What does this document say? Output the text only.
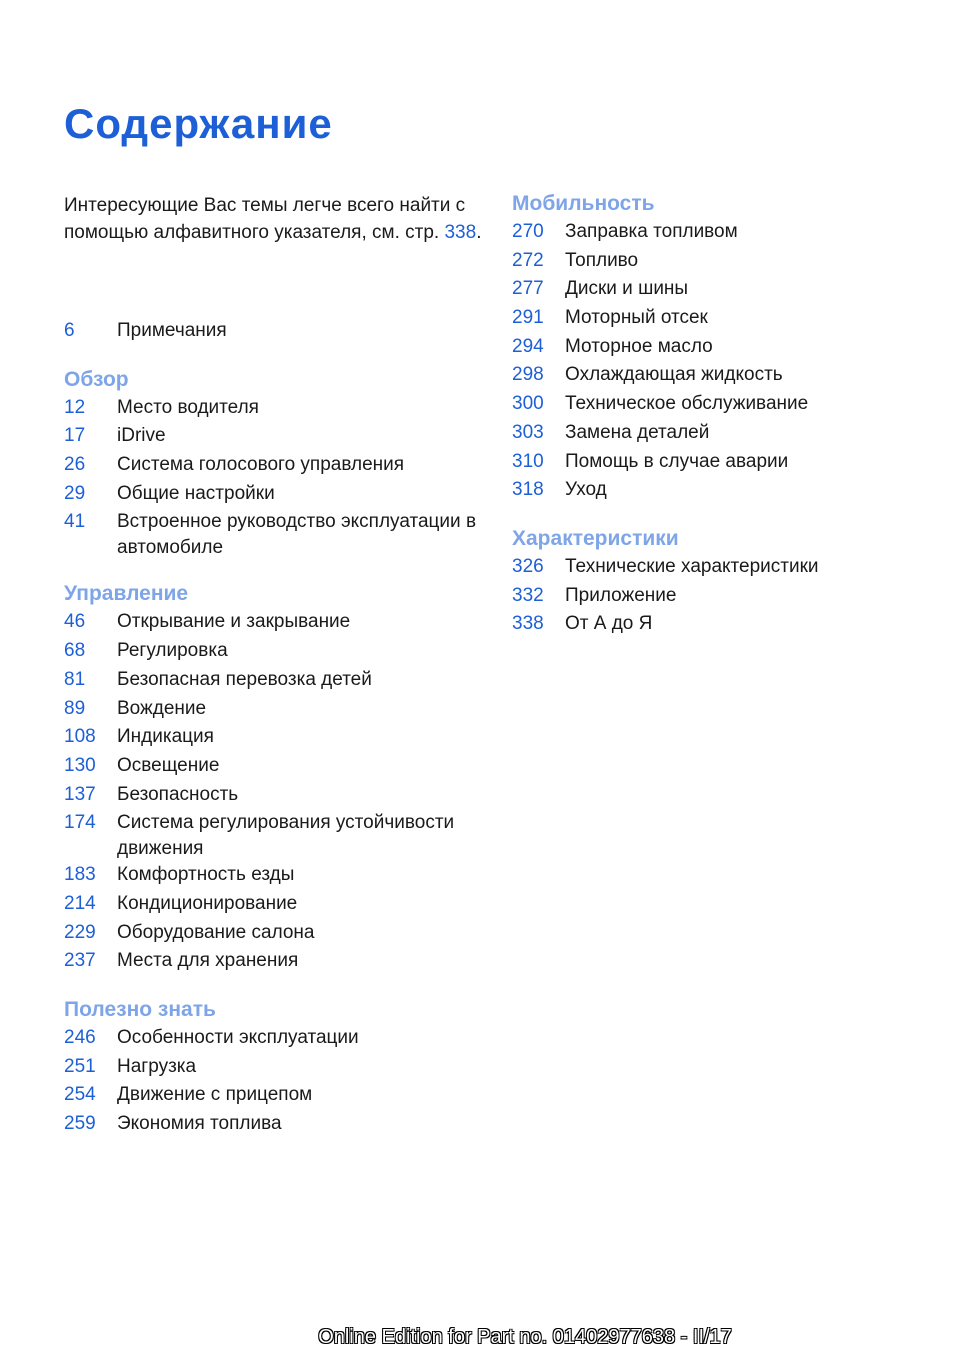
Содержание
Интересующие Вас темы легче всего найти с помощью алфавитного указателя, см. стр. 338.
6	Примечания
Обзор
12	Место водителя
17	iDrive
26	Система голосового управления
29	Общие настройки
41	Встроенное руководство эксплуатации в автомобиле
Управление
46	Открывание и закрывание
68	Регулировка
81	Безопасная перевозка детей
89	Вождение
108	Индикация
130	Освещение
137	Безопасность
174	Система регулирования устойчивости движения
183	Комфортность езды
214	Кондиционирование
229	Оборудование салона
237	Места для хранения
Полезно знать
246	Особенности эксплуатации
251	Нагрузка
254	Движение с прицепом
259	Экономия топлива
Мобильность
270	Заправка топливом
272	Топливо
277	Диски и шины
291	Моторный отсек
294	Моторное масло
298	Охлаждающая жидкость
300	Техническое обслуживание
303	Замена деталей
310	Помощь в случае аварии
318	Уход
Характеристики
326	Технические характеристики
332	Приложение
338	От А до Я
Online Edition for Part no. 01402977638 - II/17
